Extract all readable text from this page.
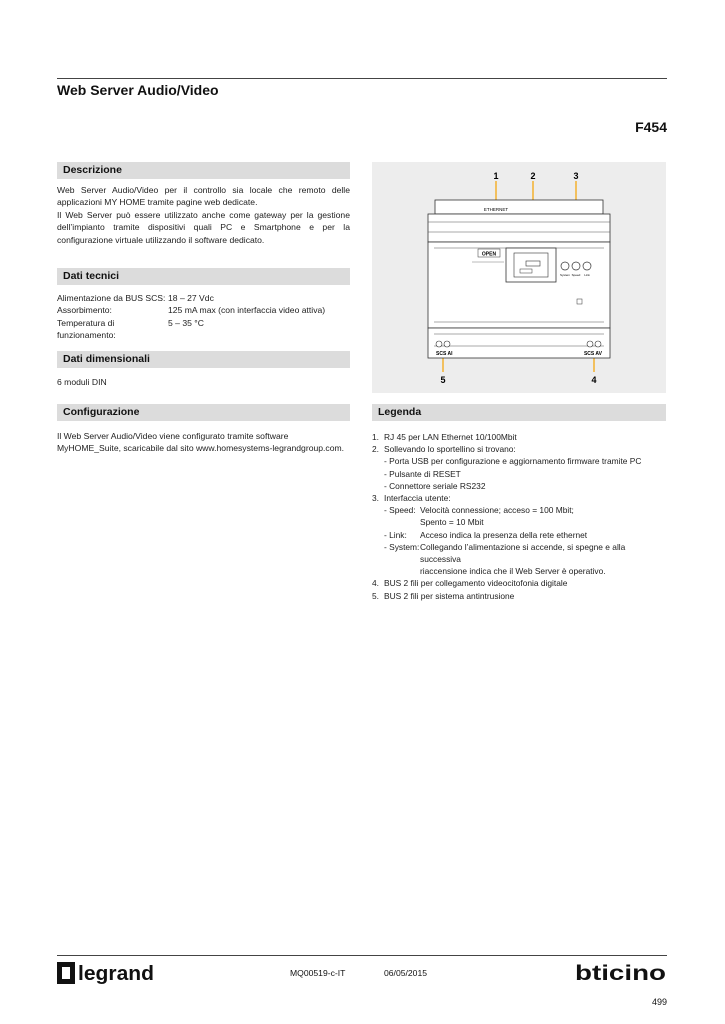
Web Server Audio/Video
F454
Descrizione
Web Server Audio/Video per il controllo sia locale che remoto delle applicazioni MY HOME tramite pagine web dedicate.
Il Web Server può essere utilizzato anche come gateway per la gestione dell’impianto tramite dispositivi quali PC e Smartphone e per la configurazione virtuale utilizzando il software dedicato.
Dati tecnici
Alimentazione da BUS SCS: 18 – 27 Vdc
Assorbimento:	125 mA max (con interfaccia video attiva)
Temperatura di funzionamento:
5 – 35 °C
Dati dimensionali
6 moduli DIN
Configurazione
Il Web Server Audio/Video viene configurato tramite software MyHOME_Suite, scaricabile dal sito www.homesystems-legrandgroup.com.
1	2	3
4
5
ETHERNET
OPEN
System Speed Link
SCS AI	SCS AV
Legenda
1. RJ 45 per LAN Ethernet 10/100Mbit
2. Sollevando lo sportellino si trovano:
- Porta USB per configurazione e aggiornamento firmware tramite PC
- Pulsante di RESET
- Connettore seriale RS232
3. Interfaccia utente:
- Speed: Velocità connessione; acceso = 100 Mbit;
Spento = 10 Mbit
- Link:	Acceso indica la presenza della rete ethernet
- System: Collegando l’alimentazione si accende, si spegne e alla successiva
riaccensione indica che il Web Server è operativo.
4. BUS 2 fili per collegamento videocitofonia digitale
5. BUS 2 fili per sistema antintrusione
legrand	MQ00519-c-IT	06/05/2015	bticino
499
